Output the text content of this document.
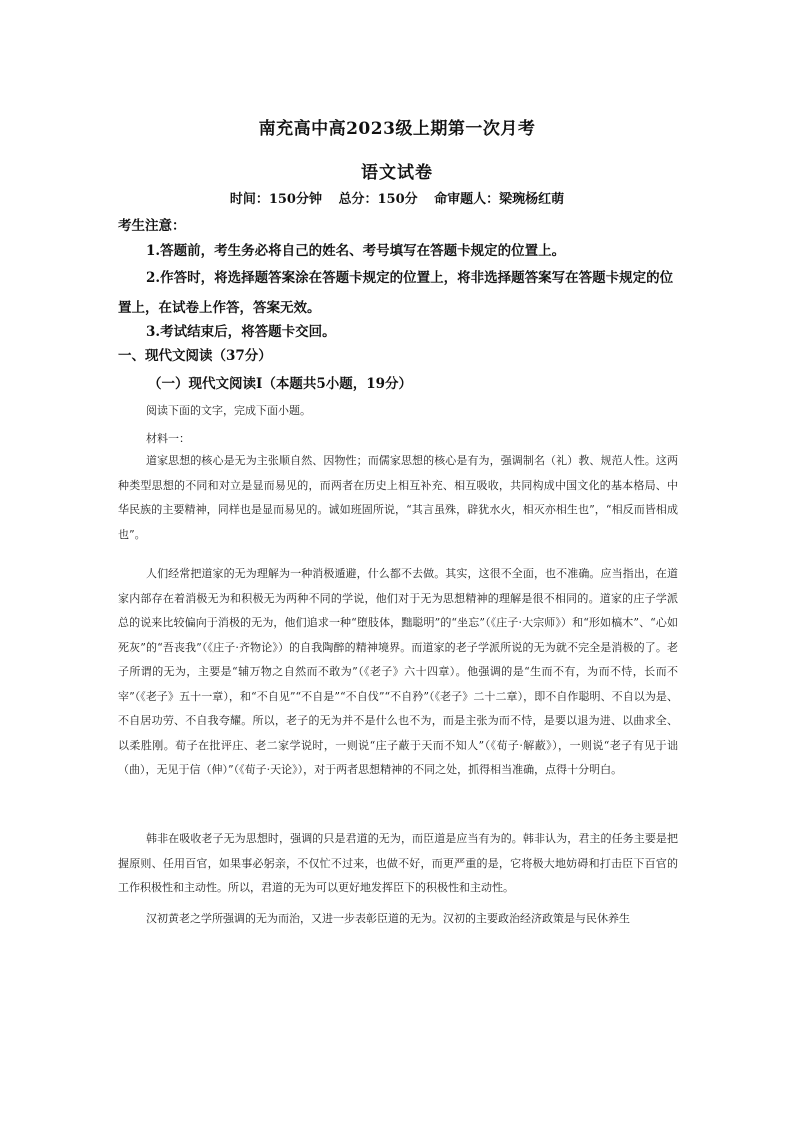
南充高中高2023级上期第一次月考
语文试卷
时间：150分钟 总分：150分 命审题人：梁琬杨红萌
考生注意：
1.答题前，考生务必将自己的姓名、考号填写在答题卡规定的位置上。
2.作答时，将选择题答案涂在答题卡规定的位置上，将非选择题答案写在答题卡规定的位置上，在试卷上作答，答案无效。
3.考试结束后，将答题卡交回。
一、现代文阅读（37分）
（一）现代文阅读Ⅰ（本题共5小题，19分）
阅读下面的文字，完成下面小题。
材料一：
道家思想的核心是无为主张顺自然、因物性；而儒家思想的核心是有为，强调制名（礼）教、规范人性。这两种类型思想的不同和对立是显而易见的，而两者在历史上相互补充、相互吸收，共同构成中国文化的基本格局、中华民族的主要精神，同样也是显而易见的。诚如班固所说，“其言虽殊，辟犹水火，相灭亦相生也”，“相反而皆相成也”。
人们经常把道家的无为理解为一种消极遁避，什么都不去做。其实，这很不全面，也不准确。应当指出，在道家内部存在着消极无为和积极无为两种不同的学说，他们对于无为思想精神的理解是很不相同的。道家的庄子学派总的说来比较偏向于消极的无为，他们追求一种“堕肢体，黜聪明”的“坐忘”（《庄子·大宗师》）和“形如槁木”、“心如死灰”的“吾丧我”（《庄子·齐物论》）的自我陶醉的精神境界。而道家的老子学派所说的无为就不完全是消极的了。老子所谓的无为，主要是“辅万物之自然而不敢为”（《老子》六十四章）。他强调的是“生而不有，为而不恃，长而不宰”（《老子》五十一章），和“不自见”“不自是”“不自伐”“不自矜”（《老子》二十二章），即不自作聪明、不自以为是、不自居功劳、不自我夸耀。所以，老子的无为并不是什么也不为，而是主张为而不恃，是要以退为进、以曲求全、以柔胜刚。荀子在批评庄、老二家学说时，一则说“庄子蔽于天而不知人”（《荀子·解蔽》），一则说“老子有见于诎（曲），无见于信（伸）”（《荀子·天论》），对于两者思想精神的不同之处，抓得相当准确，点得十分明白。
韩非在吸收老子无为思想时，强调的只是君道的无为，而臣道是应当有为的。韩非认为，君主的任务主要是把握原则、任用百官，如果事必躬亲，不仅忙不过来，也做不好，而更严重的是，它将极大地妨碍和打击臣下百官的工作积极性和主动性。所以，君道的无为可以更好地发挥臣下的积极性和主动性。
汉初黄老之学所强调的无为而治，又进一步表彰臣道的无为。汉初的主要政治经济政策是与民休养生
